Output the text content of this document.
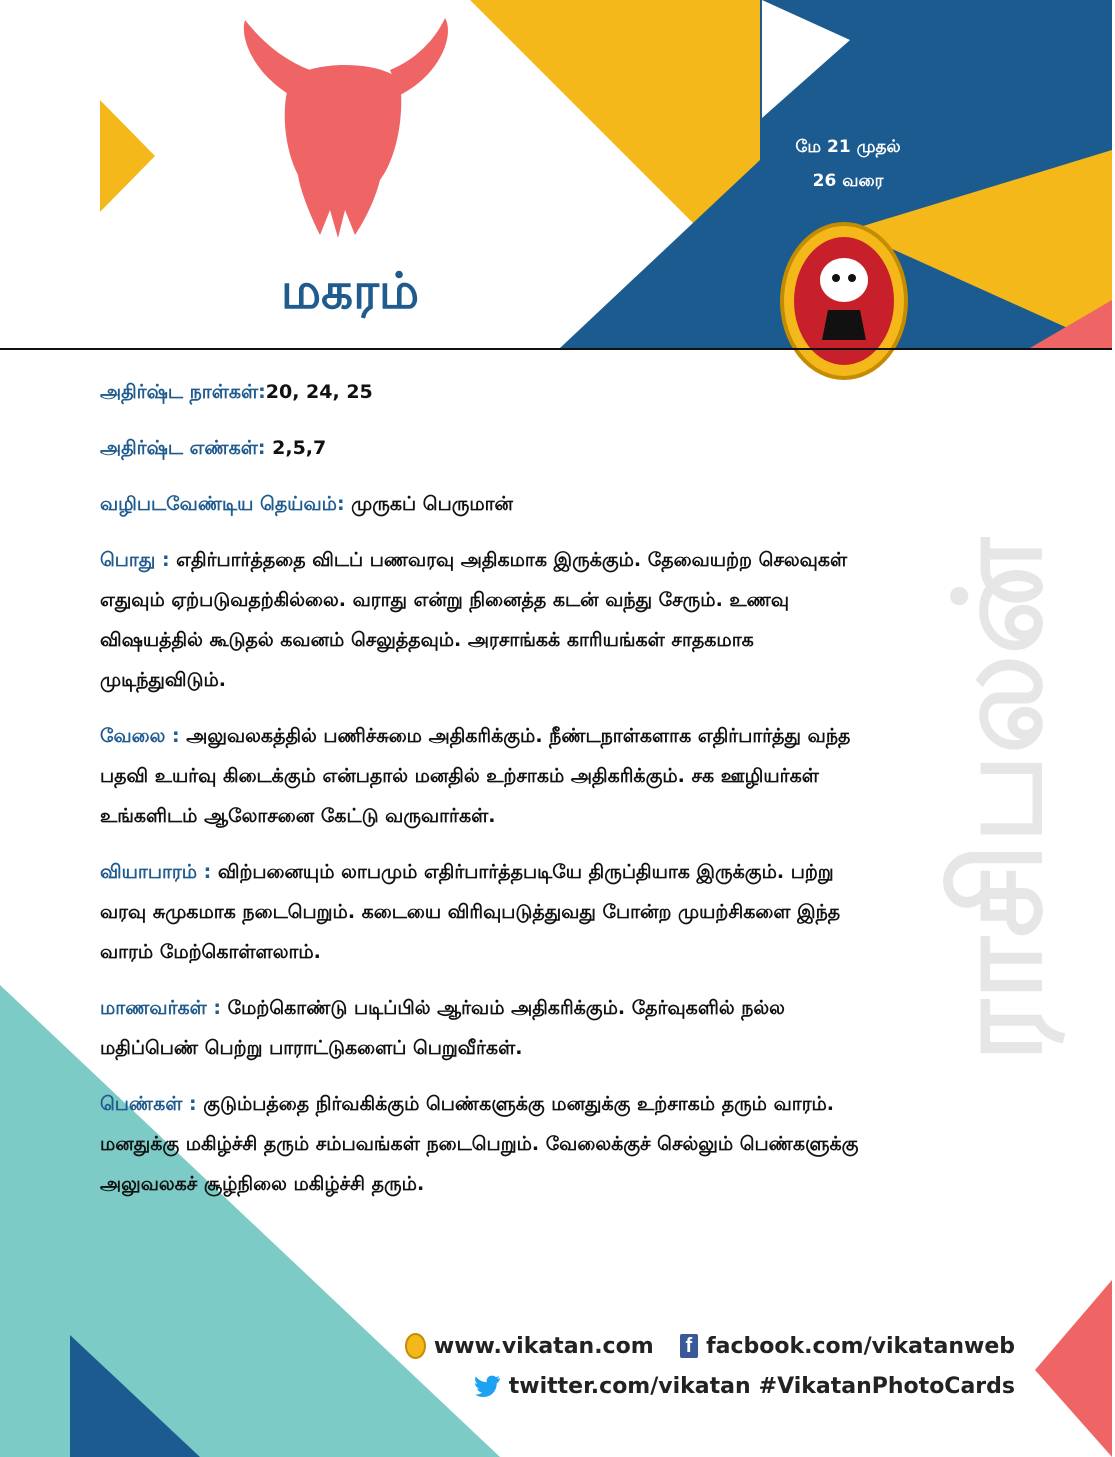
மகரம்
மே 21 முதல்
26 வரை
ராசிபலன்
அதிர்ஷ்ட நாள்கள்:20, 24, 25
அதிர்ஷ்ட எண்கள்: 2,5,7
வழிபடவேண்டிய தெய்வம்: முருகப் பெருமான்
பொது : எதிர்பார்த்ததை விடப் பணவரவு அதிகமாக இருக்கும். தேவையற்ற செலவுகள் எதுவும் ஏற்படுவதற்கில்லை. வராது என்று நினைத்த கடன் வந்து சேரும். உணவு விஷயத்தில் கூடுதல் கவனம் செலுத்தவும். அரசாங்கக் காரியங்கள் சாதகமாக முடிந்துவிடும்.
வேலை : அலுவலகத்தில் பணிச்சுமை அதிகரிக்கும். நீண்டநாள்களாக எதிர்பார்த்து வந்த பதவி உயர்வு கிடைக்கும் என்பதால் மனதில் உற்சாகம் அதிகரிக்கும். சக ஊழியர்கள் உங்களிடம் ஆலோசனை கேட்டு வருவார்கள்.
வியாபாரம் : விற்பனையும் லாபமும் எதிர்பார்த்தபடியே திருப்தியாக இருக்கும். பற்று வரவு சுமுகமாக நடைபெறும். கடையை விரிவுபடுத்துவது போன்ற முயற்சிகளை இந்த வாரம் மேற்கொள்ளலாம்.
மாணவர்கள் : மேற்கொண்டு படிப்பில் ஆர்வம் அதிகரிக்கும். தேர்வுகளில் நல்ல மதிப்பெண் பெற்று பாராட்டுகளைப் பெறுவீர்கள்.
பெண்கள் : குடும்பத்தை நிர்வகிக்கும் பெண்களுக்கு மனதுக்கு உற்சாகம் தரும் வாரம். மனதுக்கு மகிழ்ச்சி தரும் சம்பவங்கள் நடைபெறும். வேலைக்குச் செல்லும் பெண்களுக்கு அலுவலகச் சூழ்நிலை மகிழ்ச்சி தரும்.
www.vikatan.com f facbook.com/vikatanweb
twitter.com/vikatan #VikatanPhotoCards
